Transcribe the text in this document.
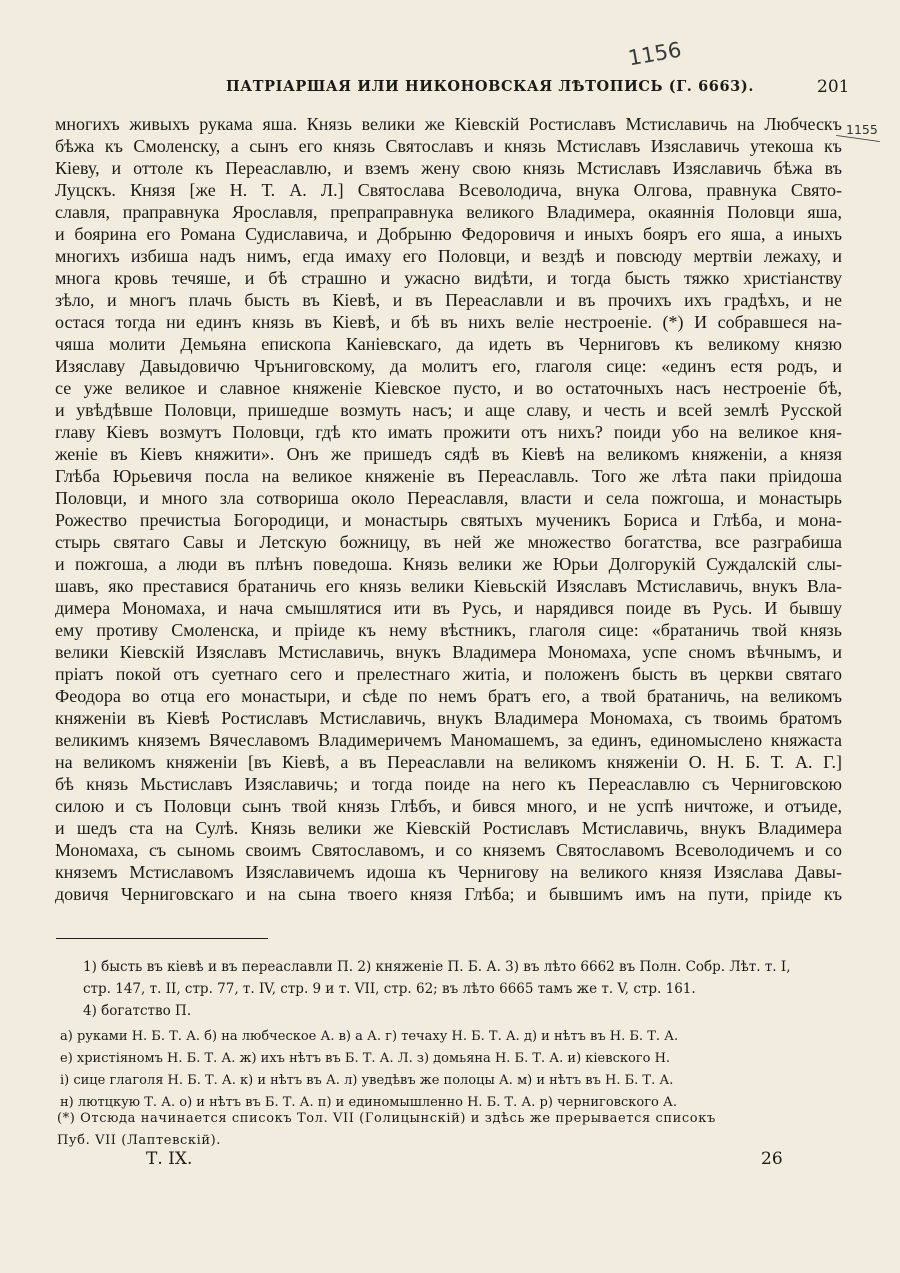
1156
ПАТРІАРШАЯ ИЛИ НИКОНОВСКАЯ ЛѢТОПИСЬ (Г. 6663).	201
1155
многихъ живыхъ рукама яша. Князь велики же Кіевскій Ростиславъ Мстиславичь на Любческъ
бѣжа къ Смоленску, а сынъ его князь Святославъ и князь Мстиславъ Изяславичь утекоша къ
Кіеву, и оттоле къ Переаславлю, и вземъ жену свою князь Мстиславъ Изяславичь бѣжа въ
Луцскъ. Князя [же Н. Т. А. Л.] Святослава Всеволодича, внука Олгова, правнука Свято-
славля, праправнука Ярославля, препраправнука великого Владимера, окаяннія Половци яша,
и боярина его Романа Судиславича, и Добрыню Федоровичя и иныхъ бояръ его яша, а иныхъ
многихъ избиша надъ нимъ, егда имаху его Половци, и вездѣ и повсюду мертвіи лежаху, и
многа кровь течяше, и бѣ страшно и ужасно видѣти, и тогда бысть тяжко христіанству
зѣло, и многъ плачь бысть въ Кіевѣ, и въ Переаславли и въ прочихъ ихъ градѣхъ, и не
остася тогда ни единъ князь въ Кіевѣ, и бѣ въ нихъ веліе нестроеніе. (*) И собравшеся на-
чяша молити Демьяна епископа Каніевскаго, да идеть въ Черниговъ къ великому князю
Изяславу Давыдовичю Чръниговскому, да молитъ его, глаголя сице: «единъ естя родъ, и
се уже великое и славное княженіе Кіевское пусто, и во остаточныхъ насъ нестроеніе бѣ,
и увѣдѣвше Половци, пришедше возмуть насъ; и аще славу, и честь и всей землѣ Русской
главу Кіевъ возмутъ Половци, гдѣ кто имать прожити отъ нихъ? поиди убо на великое кня-
женіе въ Кіевъ княжити». Онъ же пришедъ сядѣ въ Кіевѣ на великомъ княженіи, а князя
Глѣба Юрьевичя посла на великое княженіе въ Переаславль. Того же лѣта паки пріидоша
Половци, и много зла сотвориша около Переаславля, власти и села пожгоша, и монастырь
Рожество пречистыа Богородици, и монастырь святыхъ мученикъ Бориса и Глѣба, и мона-
стырь святаго Савы и Летскую божницу, въ ней же множество богатства, все разграбиша
и пожгоша, а люди въ плѣнъ поведоша. Князь велики же Юрьи Долгорукій Суждалскій слы-
шавъ, яко преставися братаничь его князь велики Кіевьскій Изяславъ Мстиславичь, внукъ Вла-
димера Мономаха, и нача смышлятися ити въ Русь, и нарядився поиде въ Русь. И бывшу
ему противу Смоленска, и пріиде къ нему вѣстникъ, глаголя сице: «братаничь твой князь
велики Кіевскій Изяславъ Мстиславичь, внукъ Владимера Мономаха, успе сномъ вѣчнымъ, и
пріатъ покой отъ суетнаго сего и прелестнаго житіа, и положенъ бысть въ церкви святаго
Феодора во отца его монастыри, и сѣде по немъ братъ его, а твой братаничь, на великомъ
княженіи въ Кіевѣ Ростиславъ Мстиславичь, внукъ Владимера Мономаха, съ твоимь братомъ
великимъ княземъ Вячеславомъ Владимеричемъ Маномашемъ, за единъ, единомыслено княжаста
на великомъ княженіи [въ Кіевѣ, а въ Переаславли на великомъ княженіи О. Н. Б. Т. А. Г.]
бѣ князь Мьстиславъ Изяславичь; и тогда поиде на него къ Переаславлю съ Черниговскою
силою и съ Половци сынъ твой князь Глѣбъ, и бився много, и не успѣ ничтоже, и отъиде,
и шедъ ста на Сулѣ. Князь велики же Кіевскій Ростиславъ Мстиславичь, внукъ Владимера
Мономаха, съ сыномь своимъ Святославомъ, и со княземъ Святославомъ Всеволодичемъ и со
княземъ Мстиславомъ Изяславичемъ идоша къ Чернигову на великого князя Изяслава Давы-
довичя Черниговскаго и на сына твоего князя Глѣба; и бывшимъ имъ на пути, пріиде къ
1) бысть въ кіевѣ и въ переаславли П. 2) княженіе П. Б. А. 3) въ лѣто 6662 въ Полн. Собр. Лѣт. т. I,
стр. 147, т. II, стр. 77, т. IV, стр. 9 и т. VII, стр. 62; въ лѣто 6665 тамъ же т. V, стр. 161.
4) богатство П.
а) руками Н. Б. Т. А. б) на любческое А. в) а А. г) течаху Н. Б. Т. А. д) и нѣтъ въ Н. Б. Т. А.
е) христіяномъ Н. Б. Т. А. ж) ихъ нѣтъ въ Б. Т. А. Л. з) домьяна Н. Б. Т. А. и) кіевского Н.
і) сице глаголя Н. Б. Т. А. к) и нѣтъ въ А. л) уведѣвъ же полоцы А. м) и нѣтъ въ Н. Б. Т. А.
н) лютцкую Т. А. о) и нѣтъ въ Б. Т. А. п) и единомышленно Н. Б. Т. А. р) черниговского А.
(*) Отсюда начинается списокъ Тол. VII (Голицынскій) и здѣсь же прерывается списокъ
Пуб. VII (Лаптевскій).
Т. IX.	26
